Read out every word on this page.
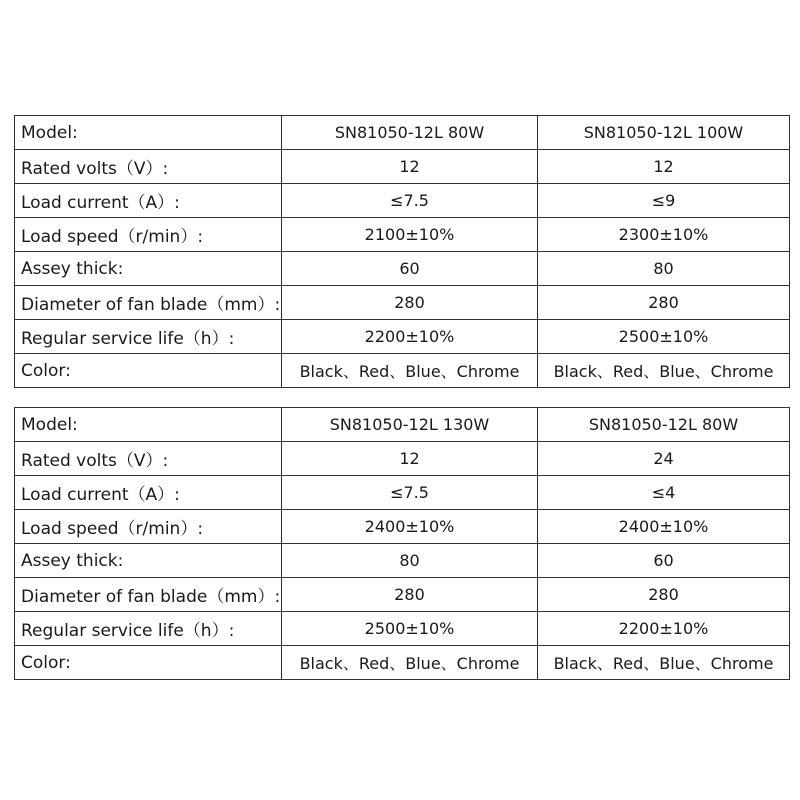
Model:	SN81050-12L 80W	SN81050-12L 100W
Rated volts（V）:	12	12
Load current（A）:	≤7.5	≤9
Load speed（r/min）:	2100±10%	2300±10%
Assey thick:	60	80
Diameter of fan blade（mm）:	280	280
Regular service life（h）:	2200±10%	2500±10%
Color:	Black、Red、Blue、Chrome	Black、Red、Blue、Chrome
Model:	SN81050-12L 130W	SN81050-12L 80W
Rated volts（V）:	12	24
Load current（A）:	≤7.5	≤4
Load speed（r/min）:	2400±10%	2400±10%
Assey thick:	80	60
Diameter of fan blade（mm）:	280	280
Regular service life（h）:	2500±10%	2200±10%
Color:	Black、Red、Blue、Chrome	Black、Red、Blue、Chrome
